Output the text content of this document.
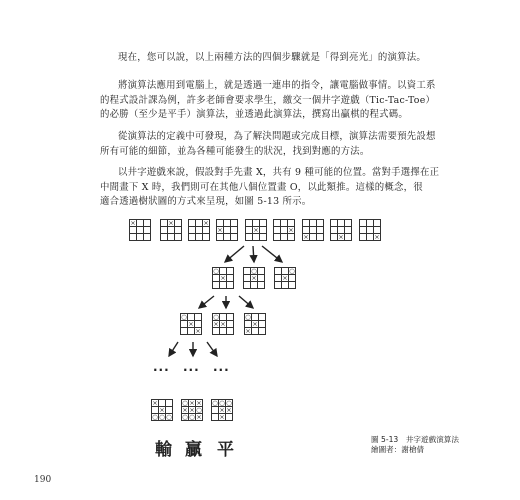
現在，您可以說，以上兩種方法的四個步驟就是「得到亮光」的演算法。
將演算法應用到電腦上，就是透過一連串的指令，讓電腦做事情。以資工系
的程式設計課為例，許多老師會要求學生，繳交一個井字遊戲（Tic-Tac-Toe）
的必勝（至少是平手）演算法，並透過此演算法，撰寫出贏棋的程式碼。
從演算法的定義中可發現，為了解決問題或完成目標，演算法需要預先設想
所有可能的細節，並為各種可能發生的狀況，找到對應的方法。
以井字遊戲來說，假設對手先畫 X，共有 9 種可能的位置。當對手選擇在正
中間畫下 X 時，我們則可在其他八個位置畫 O，以此類推。這樣的概念，很
適合透過樹狀圖的方式來呈現，如圖 5-13 所示。
×	×	×
×	×	×
×	×	×
○
×
○
×
○
×
○
×
×
○
× ×
○
×
×
×
×
○ ○ ○
○ × ×
× × ○
○ ○ ×
○ ○ ○
× ×
×
... ... ...
輸 贏 平
圖 5-13　井字遊戲演算法
繪圖者：謝槍倩
190
